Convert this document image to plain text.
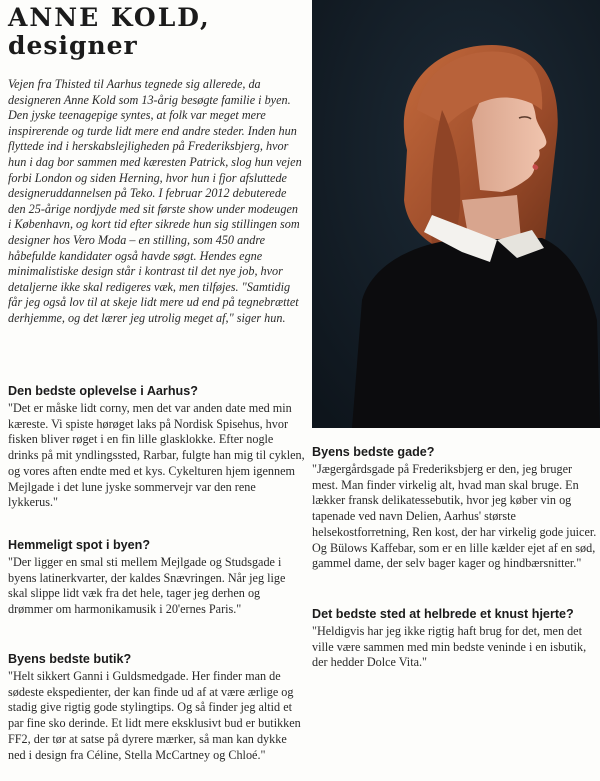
ANNE KOLD,
designer
Vejen fra Thisted til Aarhus tegnede sig allerede, da designeren Anne Kold som 13-årig besøgte familie i byen. Den jyske teenagepige syntes, at folk var meget mere inspirerende og turde lidt mere end andre steder. Inden hun flyttede ind i herskabslejligheden på Frederiksbjerg, hvor hun i dag bor sammen med kæresten Patrick, slog hun vejen forbi London og siden Herning, hvor hun i fjor afsluttede designeruddannelsen på Teko. I februar 2012 debuterede den 25-årige nordjyde med sit første show under modeugen i København, og kort tid efter sikrede hun sig stillingen som designer hos Vero Moda – en stilling, som 450 andre håbefulde kandidater også havde søgt. Hendes egne minimalistiske design står i kontrast til det nye job, hvor detaljerne ikke skal redigeres væk, men tilføjes. "Samtidig får jeg også lov til at skeje lidt mere ud end på tegnebrættet derhjemme, og det lærer jeg utrolig meget af," siger hun.
Den bedste oplevelse i Aarhus?
"Det er måske lidt corny, men det var anden date med min kæreste. Vi spiste hørøget laks på Nordisk Spisehus, hvor fisken bliver røget i en fin lille glasklokke. Efter nogle drinks på mit yndlingssted, Rarbar, fulgte han mig til cyklen, og vores aften endte med et kys. Cykelturen hjem igennem Mejlgade i det lune jyske sommervejr var den rene lykkerus."
Hemmeligt spot i byen?
"Der ligger en smal sti mellem Mejlgade og Studsgade i byens latinerkvarter, der kaldes Snævringen. Når jeg lige skal slippe lidt væk fra det hele, tager jeg derhen og drømmer om harmonikamusik i 20'ernes Paris."
Byens bedste butik?
"Helt sikkert Ganni i Guldsmedgade. Her finder man de sødeste ekspedienter, der kan finde ud af at være ærlige og stadig give rigtig gode stylingtips. Og så finder jeg altid et par fine sko derinde. Et lidt mere eksklusivt bud er butikken FF2, der tør at satse på dyrere mærker, så man kan dykke ned i design fra Céline, Stella McCartney og Chloé."
Byens bedste gade?
"Jægergårdsgade på Frederiksbjerg er den, jeg bruger mest. Man finder virkelig alt, hvad man skal bruge. En lækker fransk delikatessebutik, hvor jeg køber vin og tapenade ved navn Delien, Aarhus' største helsekostforretning, Ren kost, der har virkelig gode juicer. Og Bülows Kaffebar, som er en lille kælder ejet af en sød, gammel dame, der selv bager kager og hindbærsnitter."
Det bedste sted at helbrede et knust hjerte?
"Heldigvis har jeg ikke rigtig haft brug for det, men det ville være sammen med min bedste veninde i en isbutik, der hedder Dolce Vita."
